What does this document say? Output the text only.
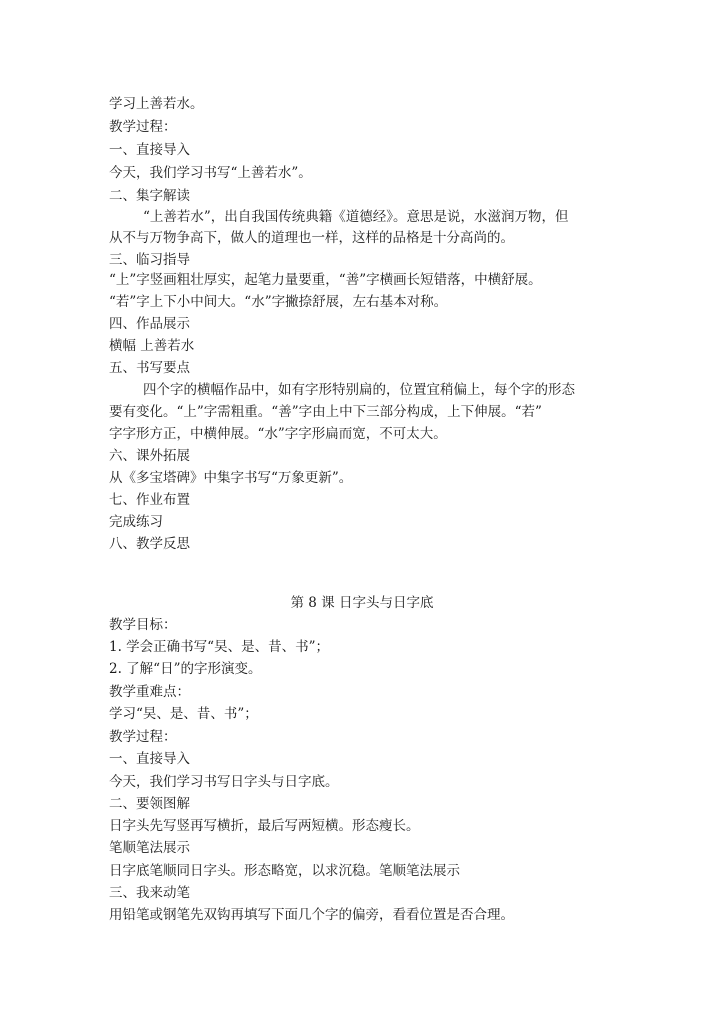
学习上善若水。
教学过程：
一、直接导入
今天，我们学习书写“上善若水”。
二、集字解读
“上善若水”，出自我国传统典籍《道德经》。意思是说，水滋润万物，但
从不与万物争高下，做人的道理也一样，这样的品格是十分高尚的。
三、临习指导
“上”字竖画粗壮厚实，起笔力量要重，“善”字横画长短错落，中横舒展。
“若”字上下小中间大。“水”字撇捺舒展，左右基本对称。
四、作品展示
横幅 上善若水
五、书写要点
四个字的横幅作品中，如有字形特别扁的，位置宜稍偏上，每个字的形态
要有变化。“上”字需粗重。“善”字由上中下三部分构成，上下伸展。“若”
字字形方正，中横伸展。“水”字字形扁而宽，不可太大。
六、课外拓展
从《多宝塔碑》中集字书写“万象更新”。
七、作业布置
完成练习
八、教学反思
第 8 课 日字头与日字底
教学目标：
1. 学会正确书写“旲、是、昔、书”；
2. 了解“日”的字形演变。
教学重难点：
学习“旲、是、昔、书”；
教学过程：
一、直接导入
今天，我们学习书写日字头与日字底。
二、要领图解
日字头先写竖再写横折，最后写两短横。形态瘦长。
笔顺笔法展示
日字底笔顺同日字头。形态略宽，以求沉稳。笔顺笔法展示
三、我来动笔
用铅笔或钢笔先双钩再填写下面几个字的偏旁，看看位置是否合理。
